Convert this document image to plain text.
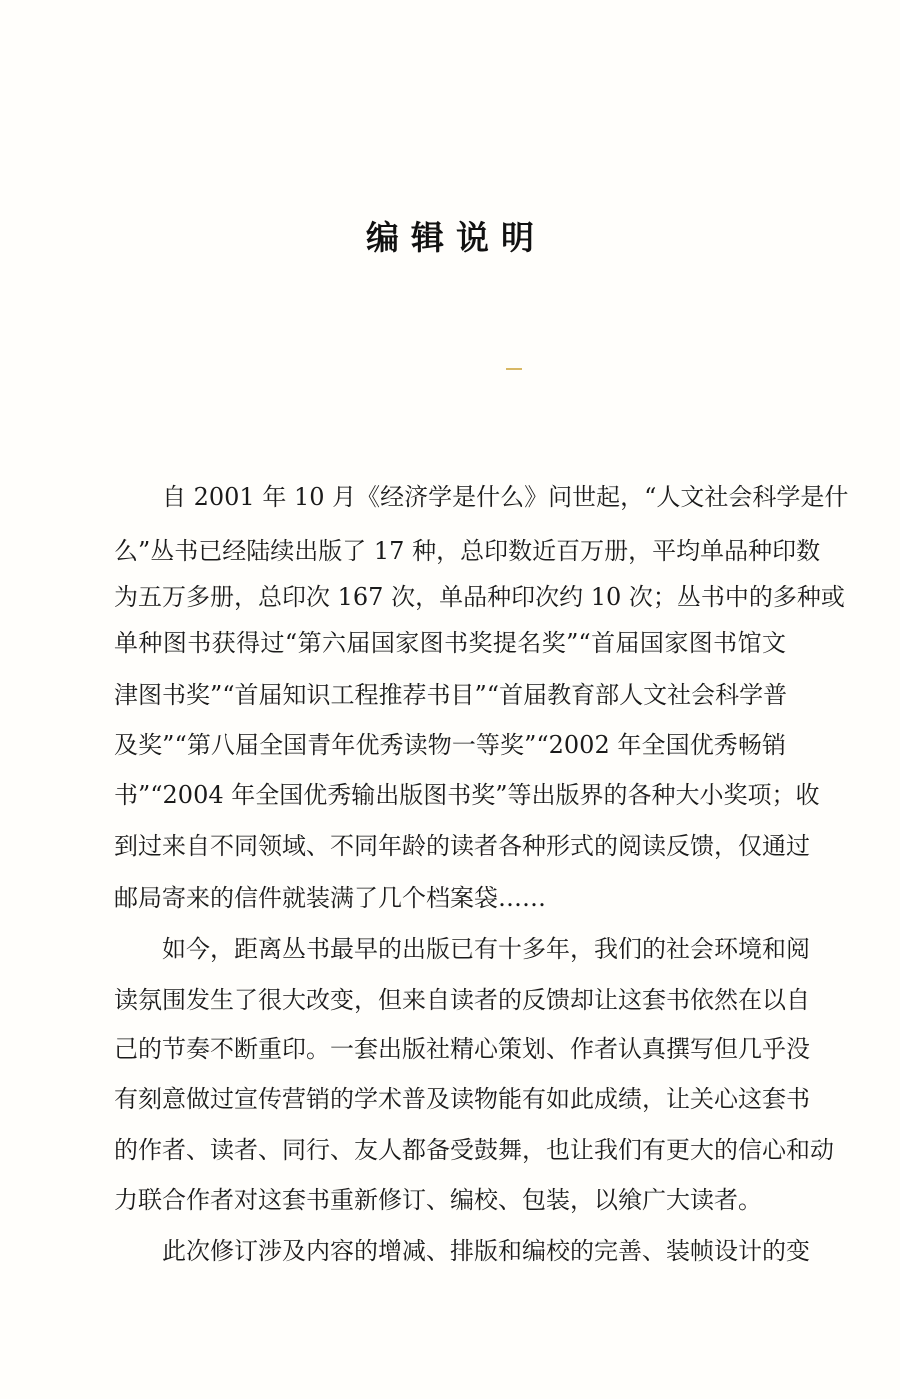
编辑说明
自 2001 年 10 月《经济学是什么》问世起，“人文社会科学是什
么”丛书已经陆续出版了 17 种，总印数近百万册，平均单品种印数
为五万多册，总印次 167 次，单品种印次约 10 次；丛书中的多种或
单种图书获得过“第六届国家图书奖提名奖”“首届国家图书馆文
津图书奖”“首届知识工程推荐书目”“首届教育部人文社会科学普
及奖”“第八届全国青年优秀读物一等奖”“2002 年全国优秀畅销
书”“2004 年全国优秀输出版图书奖”等出版界的各种大小奖项；收
到过来自不同领域、不同年龄的读者各种形式的阅读反馈，仅通过
邮局寄来的信件就装满了几个档案袋……
如今，距离丛书最早的出版已有十多年，我们的社会环境和阅
读氛围发生了很大改变，但来自读者的反馈却让这套书依然在以自
己的节奏不断重印。一套出版社精心策划、作者认真撰写但几乎没
有刻意做过宣传营销的学术普及读物能有如此成绩，让关心这套书
的作者、读者、同行、友人都备受鼓舞，也让我们有更大的信心和动
力联合作者对这套书重新修订、编校、包装，以飨广大读者。
此次修订涉及内容的增减、排版和编校的完善、装帧设计的变
